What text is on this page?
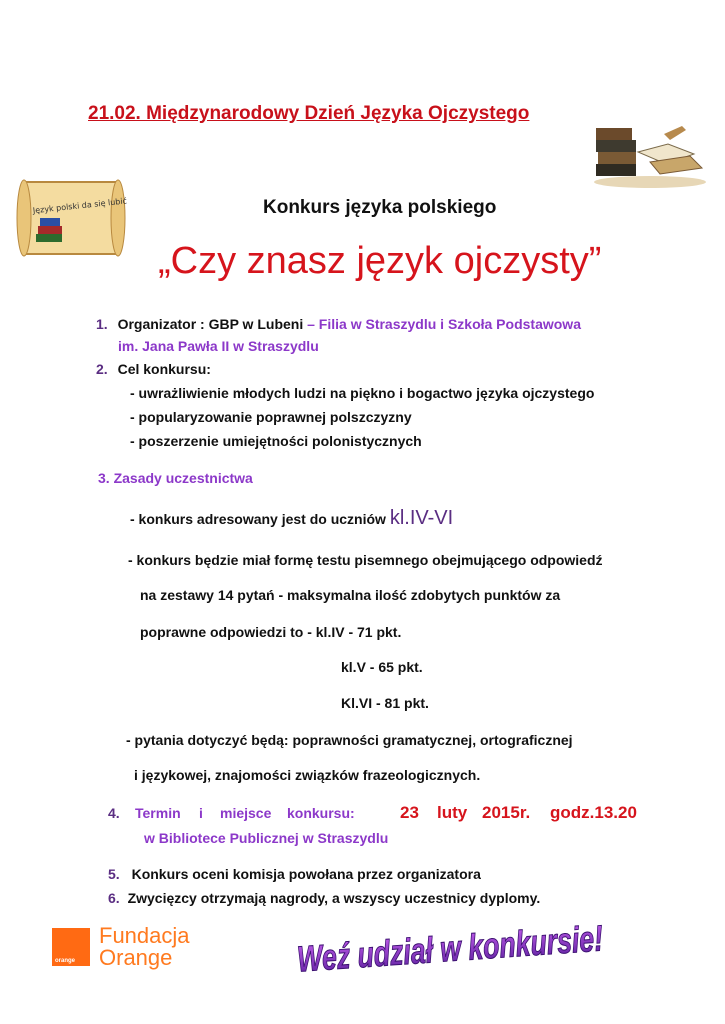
21.02. Międzynarodowy Dzień Języka Ojczystego
Język polski da się lubić	Konkurs języka polskiego
„Czy znasz język ojczysty”
1. Organizator : GBP w Lubeni – Filia w Straszydlu i Szkoła Podstawowa
im. Jana Pawła II w Straszydlu
2. Cel konkursu:
- uwrażliwienie młodych ludzi na piękno i bogactwo języka ojczystego
- popularyzowanie poprawnej polszczyzny
- poszerzenie umiejętności polonistycznych
3. Zasady uczestnictwa
- konkurs adresowany jest do uczniów kl.IV-VI
- konkurs będzie miał formę testu pisemnego obejmującego odpowiedź
na zestawy 14 pytań - maksymalna ilość zdobytych punktów za
poprawne odpowiedzi to - kl.IV - 71 pkt.
kl.V - 65 pkt.
Kl.VI - 81 pkt.
- pytania dotyczyć będą: poprawności gramatycznej, ortograficznej
i językowej, znajomości związków frazeologicznych.
4. Termin i miejsce konkursu:	23 luty 2015r. godz.13.20
w Bibliotece Publicznej w Straszydlu
5. Konkurs oceni komisja powołana przez organizatora
6. Zwycięzcy otrzymają nagrody, a wszyscy uczestnicy dyplomy.
orange
Fundacja
Orange	Weź udział w konkursie!
